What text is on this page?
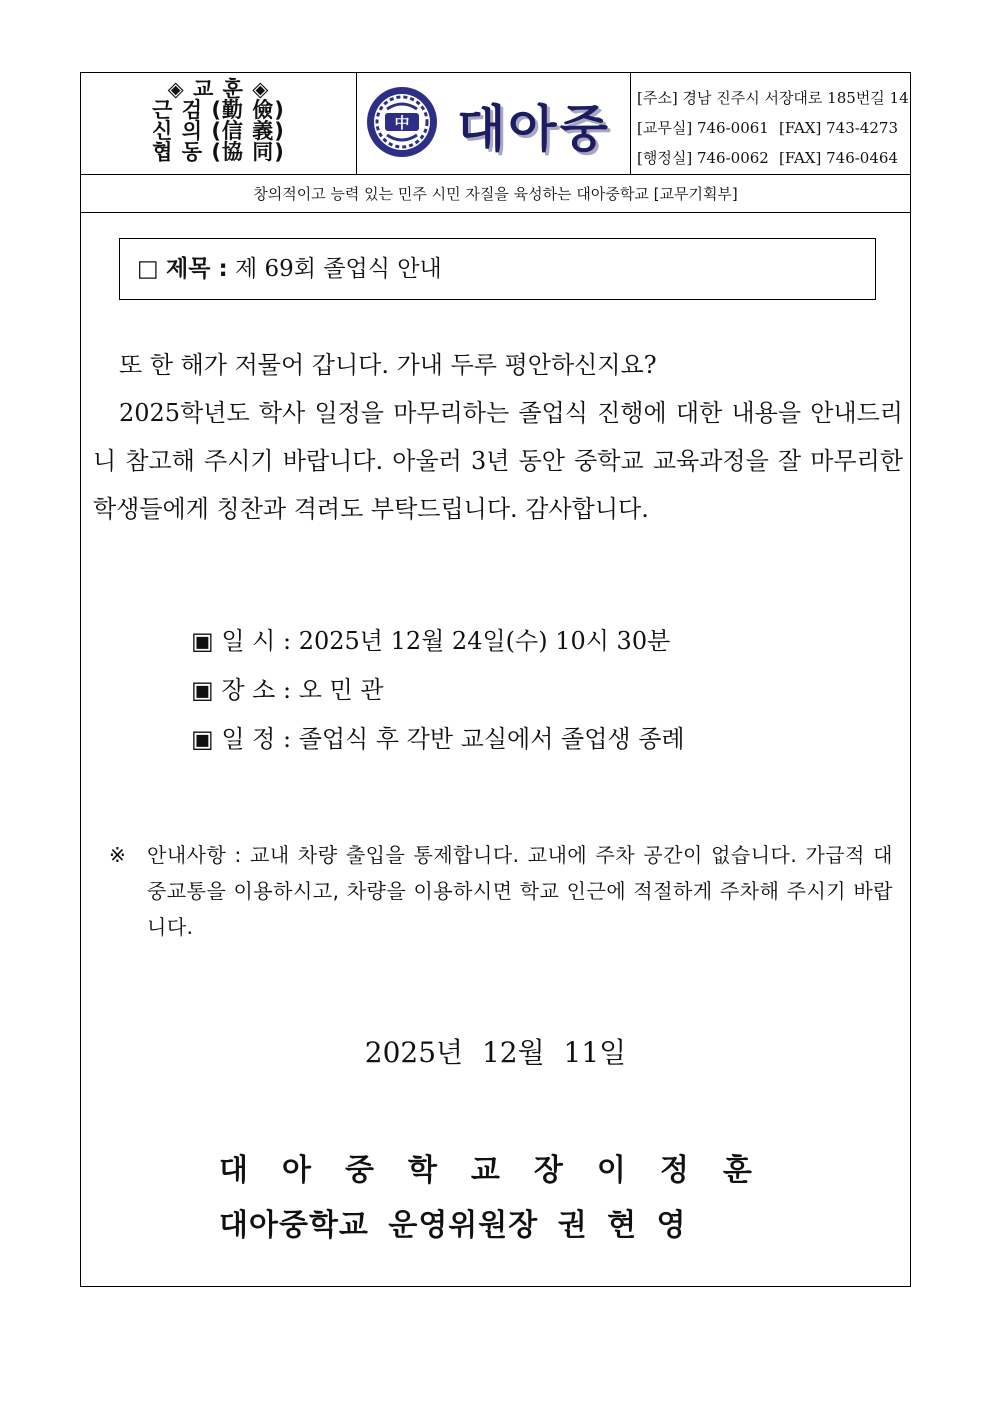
◈ 교 훈 ◈
근 검 (勤 儉)
신 의 (信 義)
협 동 (協 同)
中 대아중
[주소] 경남 진주시 서장대로 185번길 14
[교무실] 746-0061 [FAX] 743-4273
[행정실] 746-0062 [FAX] 746-0464
창의적이고 능력 있는 민주 시민 자질을 육성하는 대아중학교 [교무기획부]
□ 제목 : 제 69회 졸업식 안내
또 한 해가 저물어 갑니다. 가내 두루 평안하신지요?
2025학년도 학사 일정을 마무리하는 졸업식 진행에 대한 내용을 안내드리니 참고해 주시기 바랍니다. 아울러 3년 동안 중학교 교육과정을 잘 마무리한 학생들에게 칭찬과 격려도 부탁드립니다. 감사합니다.
▣ 일 시 : 2025년 12월 24일(수) 10시 30분
▣ 장 소 : 오 민 관
▣ 일 정 : 졸업식 후 각반 교실에서 졸업생 종례
※ 안내사항 : 교내 차량 출입을 통제합니다. 교내에 주차 공간이 없습니다. 가급적 대중교통을 이용하시고, 차량을 이용하시면 학교 인근에 적절하게 주차해 주시기 바랍니다.
2025년 12월 11일
대아중학교장이정훈
대아중학교 운영위원장 권 현 영
